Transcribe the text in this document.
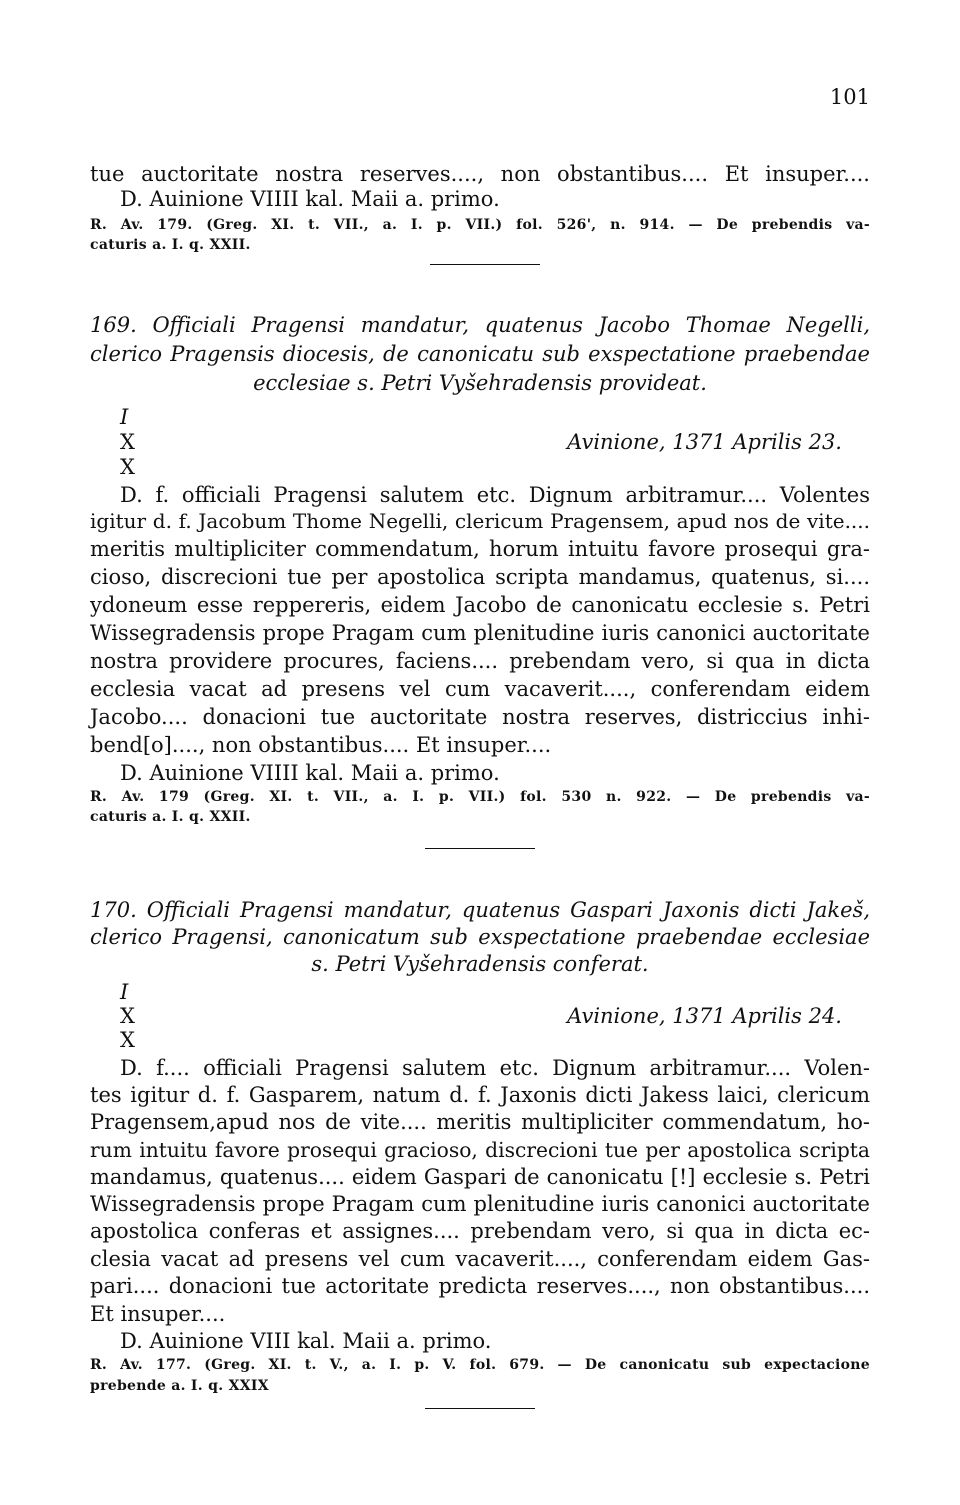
101
tue auctoritate nostra reserves...., non obstantibus.... Et insuper....
D. Auinione VIIII kal. Maii a. primo.
R. Av. 179. (Greg. XI. t. VII., a. I. p. VII.) fol. 526', n. 914. — De prebendis va-
caturis a. I. q. XXII.
169. Officiali Pragensi mandatur, quatenus Jacobo Thomae Negelli,
clerico Pragensis diocesis, de canonicatu sub exspectatione praebendae
ecclesiae s. Petri Vyšehradensis provideat.
I
X
X
Avinione, 1371 Aprilis 23.
D. f. officiali Pragensi salutem etc. Dignum arbitramur.... Volentes
igitur d. f. Jacobum Thome Negelli, clericum Pragensem, apud nos de vite....
meritis multipliciter commendatum, horum intuitu favore prosequi gra-
cioso, discrecioni tue per apostolica scripta mandamus, quatenus, si....
ydoneum esse reppereris, eidem Jacobo de canonicatu ecclesie s. Petri
Wissegradensis prope Pragam cum plenitudine iuris canonici auctoritate
nostra providere procures, faciens.... prebendam vero, si qua in dicta
ecclesia vacat ad presens vel cum vacaverit...., conferendam eidem
Jacobo.... donacioni tue auctoritate nostra reserves, districcius inhi-
bend[o]...., non obstantibus.... Et insuper....
D. Auinione VIIII kal. Maii a. primo.
R. Av. 179 (Greg. XI. t. VII., a. I. p. VII.) fol. 530 n. 922. — De prebendis va-
caturis a. I. q. XXII.
170. Officiali Pragensi mandatur, quatenus Gaspari Jaxonis dicti Jakeš,
clerico Pragensi, canonicatum sub exspectatione praebendae ecclesiae
s. Petri Vyšehradensis conferat.
I
X
X
Avinione, 1371 Aprilis 24.
D. f.... officiali Pragensi salutem etc. Dignum arbitramur.... Volen-
tes igitur d. f. Gasparem, natum d. f. Jaxonis dicti Jakess laici, clericum
Pragensem,apud nos de vite.... meritis multipliciter commendatum, ho-
rum intuitu favore prosequi gracioso, discrecioni tue per apostolica scripta
mandamus, quatenus.... eidem Gaspari de canonicatu [!] ecclesie s. Petri
Wissegradensis prope Pragam cum plenitudine iuris canonici auctoritate
apostolica conferas et assignes.... prebendam vero, si qua in dicta ec-
clesia vacat ad presens vel cum vacaverit...., conferendam eidem Gas-
pari.... donacioni tue actoritate predicta reserves...., non obstantibus....
Et insuper....
D. Auinione VIII kal. Maii a. primo.
R. Av. 177. (Greg. XI. t. V., a. I. p. V. fol. 679. — De canonicatu sub expectacione
prebende a. I. q. XXIX
